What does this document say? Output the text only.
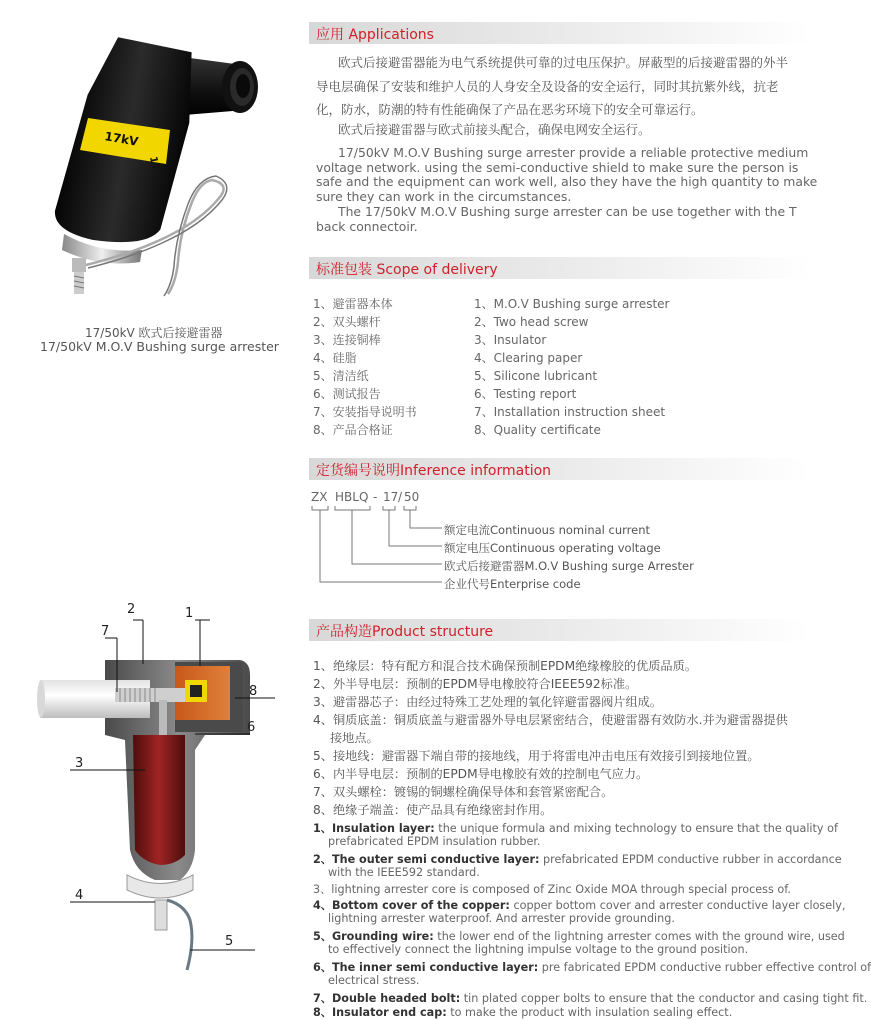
17kV
17
17/50kV 欧式后接避雷器
17/50kV M.O.V Bushing surge arrester
应用 Applications
欧式后接避雷器能为电气系统提供可靠的过电压保护。屏蔽型的后接避雷器的外半
导电层确保了安装和维护人员的人身安全及设备的安全运行，同时其抗紫外线，抗老
化，防水，防潮的特有性能确保了产品在恶劣环境下的安全可靠运行。
欧式后接避雷器与欧式前接头配合，确保电网安全运行。
17/50kV M.O.V Bushing surge arrester provide a reliable protective medium
voltage network. using the semi-conductive shield to make sure the person is
safe and the equipment can work well, also they have the high quantity to make
sure they can work in the circumstances.
The 17/50kV M.O.V Bushing surge arrester can be use together with the T
back connectoir.
标准包装 Scope of delivery
1、避雷器本体
2、双头螺杆
3、连接铜棒
4、硅脂
5、清洁纸
6、测试报告
7、安装指导说明书
8、产品合格证
1、M.O.V Bushing surge arrester
2、Two head screw
3、Insulator
4、Clearing paper
5、Silicone lubricant
6、Testing report
7、Installation instruction sheet
8、Quality certificate
定货编号说明Inference information
ZX HBLQ - 17 / 50
额定电流Continuous nominal current
额定电压Continuous operating voltage
欧式后接避雷器M.O.V Bushing surge Arrester
企业代号Enterprise code
2	1
7
8
6
3
4
5
产品构造Product structure
1、绝缘层：特有配方和混合技术确保预制EPDM绝缘橡胶的优质品质。
2、外半导电层：预制的EPDM导电橡胶符合IEEE592标准。
3、避雷器芯子：由经过特殊工艺处理的氧化锌避雷器阀片组成。
4、铜质底盖：铜质底盖与避雷器外导电层紧密结合，使避雷器有效防水.并为避雷器提供
接地点。
5、接地线：避雷器下端自带的接地线，用于将雷电冲击电压有效接引到接地位置。
6、内半导电层：预制的EPDM导电橡胶有效的控制电气应力。
7、双头螺栓：镀锡的铜螺栓确保导体和套管紧密配合。
8、绝缘子端盖：使产品具有绝缘密封作用。
1、Insulation layer: the unique formula and mixing technology to ensure that the quality of
prefabricated EPDM insulation rubber.
2、The outer semi conductive layer: prefabricated EPDM conductive rubber in accordance
with the IEEE592 standard.
3、lightning arrester core is composed of Zinc Oxide MOA through special process of.
4、Bottom cover of the copper: copper bottom cover and arrester conductive layer closely,
lightning arrester waterproof. And arrester provide grounding.
5、Grounding wire: the lower end of the lightning arrester comes with the ground wire, used
to effectively connect the lightning impulse voltage to the ground position.
6、The inner semi conductive layer: pre fabricated EPDM conductive rubber effective control of
electrical stress.
7、Double headed bolt: tin plated copper bolts to ensure that the conductor and casing tight fit.
8、Insulator end cap: to make the product with insulation sealing effect.
